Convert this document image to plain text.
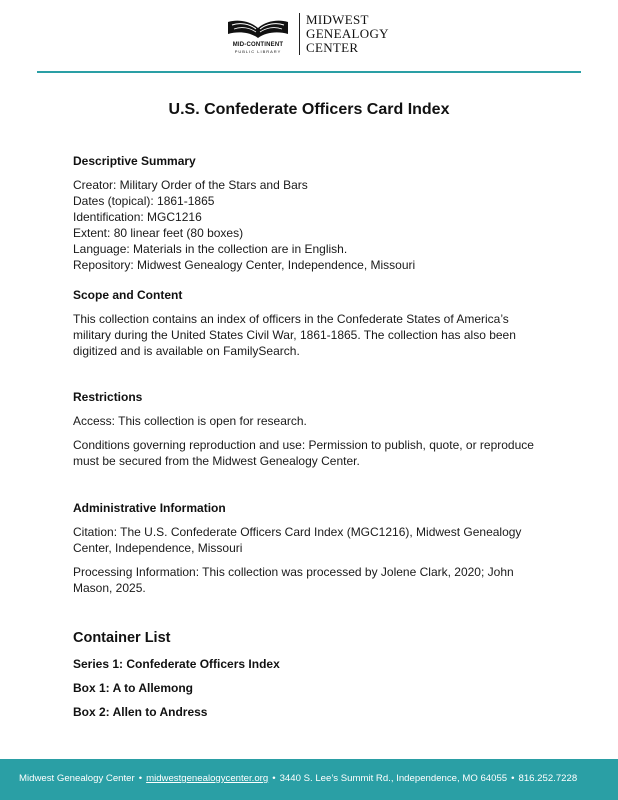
MID-CONTINENT
PUBLIC LIBRARY
MIDWEST
GENEALOGY
CENTER
U.S. Confederate Officers Card Index
Descriptive Summary
Creator: Military Order of the Stars and Bars
Dates (topical): 1861-1865
Identification: MGC1216
Extent: 80 linear feet (80 boxes)
Language: Materials in the collection are in English.
Repository: Midwest Genealogy Center, Independence, Missouri
Scope and Content
This collection contains an index of officers in the Confederate States of America’s
military during the United States Civil War, 1861-1865. The collection has also been
digitized and is available on FamilySearch.
Restrictions
Access: This collection is open for research.
Conditions governing reproduction and use: Permission to publish, quote, or reproduce
must be secured from the Midwest Genealogy Center.
Administrative Information
Citation: The U.S. Confederate Officers Card Index (MGC1216), Midwest Genealogy
Center, Independence, Missouri
Processing Information: This collection was processed by Jolene Clark, 2020; John
Mason, 2025.
Container List
Series 1: Confederate Officers Index
Box 1: A to Allemong
Box 2: Allen to Andress
Midwest Genealogy Center • midwestgenealogycenter.org • 3440 S. Lee’s Summit Rd., Independence, MO 64055 • 816.252.7228
